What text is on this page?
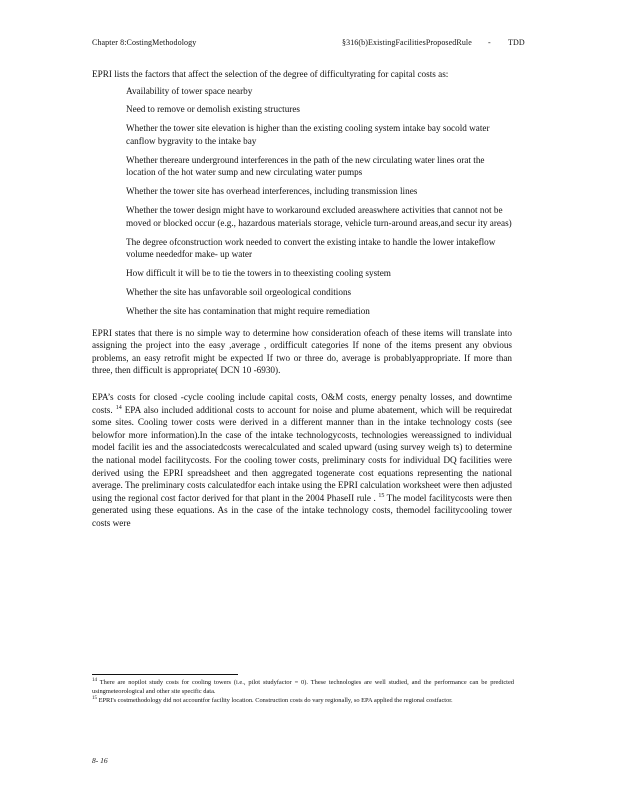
Chapter 8:CostingMethodology	§316(b)ExistingFacilitiesProposedRule - TDD

EPRI lists the factors that affect the selection of the degree of difficultyrating for capital costs as:

Availability of tower space nearby
Need to remove or demolish existing structures
Whether the tower site elevation is higher than the existing cooling system intake bay socold water canflow bygravity to the intake bay
Whether thereare underground interferences in the path of the new circulating water lines orat the location of the hot water sump and new circulating water pumps
Whether the tower site has overhead interferences, including transmission lines
Whether the tower design might have to workaround excluded areaswhere activities that cannot not be moved or blocked occur (e.g., hazardous materials storage, vehicle turn-around areas,and secur ity areas)
The degree ofconstruction work needed to convert the existing intake to handle the lower intakeflow volume neededfor make- up water
How difficult it will be to tie the towers in to theexisting cooling system
Whether the site has unfavorable soil orgeological conditions
Whether the site has contamination that might require remediation

EPRI states that there is no simple way to determine how consideration ofeach of these items will translate into assigning the project into the easy ,average , ordifficult categories If none of the items present any obvious problems, an easy retrofit might be expected If two or three do, average is probablyappropriate. If more than three, then difficult is appropriate( DCN 10 -6930).

EPA’s costs for closed -cycle cooling include capital costs, O&M costs, energy penalty losses, and downtime costs. $^{14}$ EPA also included additional costs to account for noise and plume abatement, which will be requiredat some sites. Cooling tower costs were derived in a different manner than in the intake technology costs (see belowfor more information).In the case of the intake technologycosts, technologies wereassigned to individual model facilit ies and the associatedcosts werecalculated and scaled upward (using survey weigh ts) to determine the national model facilitycosts. For the cooling tower costs, preliminary costs for individual DQ facilities were derived using the EPRI spreadsheet and then aggregated togenerate cost equations representing the national average. The preliminary costs calculatedfor each intake using the EPRI calculation worksheet were then adjusted using the regional cost factor derived for that plant in the 2004 PhaseII rule . $^{15}$ The model facilitycosts were then generated using these equations. As in the case of the intake technology costs, themodel facilitycooling tower costs were

$^{14}$ There are nopilot study costs for cooling towers (i.e., pilot studyfactor = 0). These technologies are well studied, and the performance can be predicted usingmeteorological and other site specific data.

$^{15}$ EPRI's costmethodology did not accountfor facility location. Construction costs do vary regionally, so EPA applied the regional costfactor.

8- 16
